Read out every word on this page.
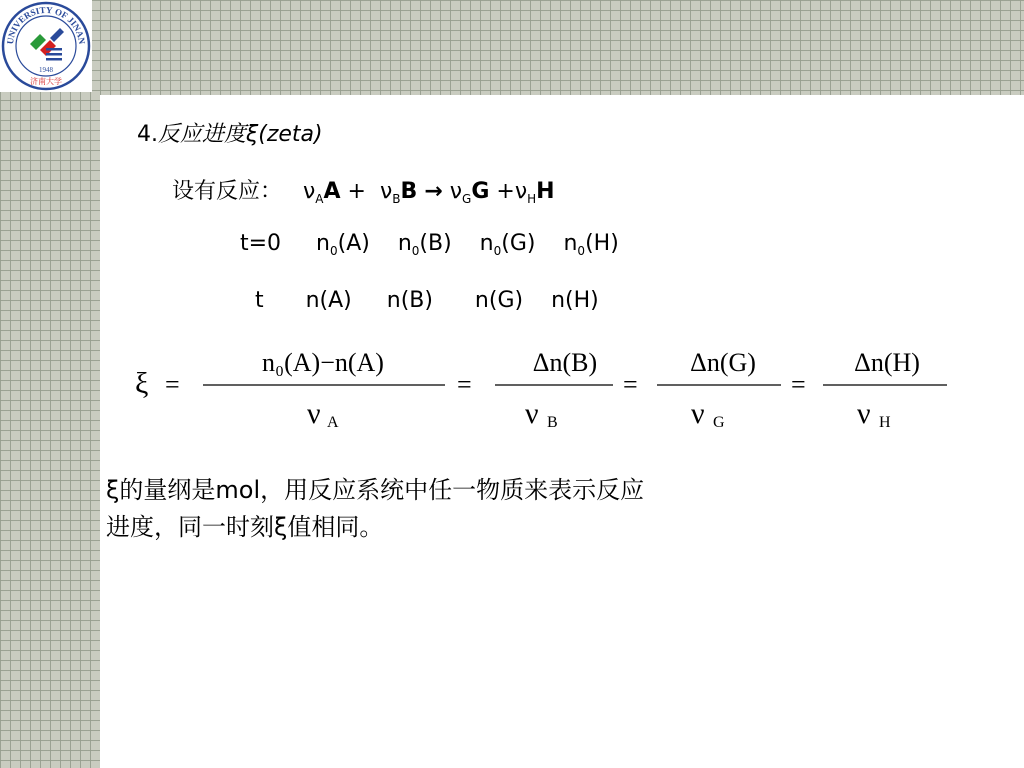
UNIVERSITY OF JINAN
1948
济南大学
4.反应进度ξ(zeta)
设有反应： $\nu_AA + \nu_BB \to \nu_GG +\nu_HH$
t=0 $n_0(A)$ $n_0(B)$ $n_0(G)$ $n_0(H)$
t n(A) n(B) n(G) n(H)
ξ =
n₀(A)−n(A)
ν A
=
Δn(B)
ν B
=
Δn(G)
ν G
=
Δn(H)
ν H
ξ的量纲是mol，用反应系统中任一物质来表示反应
进度，同一时刻ξ值相同。
